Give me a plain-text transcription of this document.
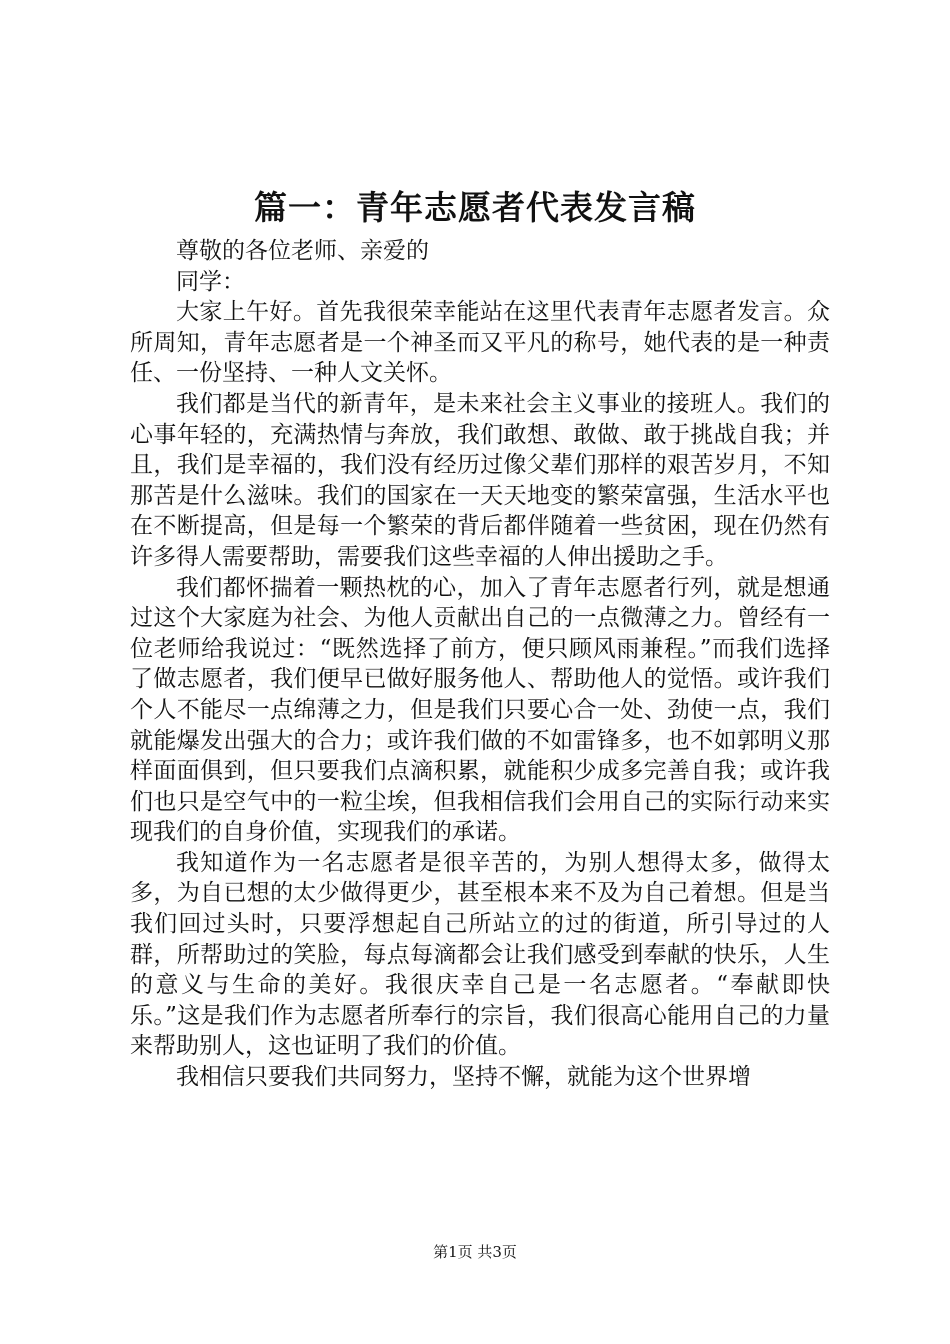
篇一：青年志愿者代表发言稿

尊敬的各位老师、亲爱的

同学：

大家上午好。首先我很荣幸能站在这里代表青年志愿者发言。众所周知，青年志愿者是一个神圣而又平凡的称号，她代表的是一种责任、一份坚持、一种人文关怀。

我们都是当代的新青年，是未来社会主义事业的接班人。我们的心事年轻的，充满热情与奔放，我们敢想、敢做、敢于挑战自我；并且，我们是幸福的，我们没有经历过像父辈们那样的艰苦岁月，不知那苦是什么滋味。我们的国家在一天天地变的繁荣富强，生活水平也在不断提高，但是每一个繁荣的背后都伴随着一些贫困，现在仍然有许多得人需要帮助，需要我们这些幸福的人伸出援助之手。

我们都怀揣着一颗热枕的心，加入了青年志愿者行列，就是想通过这个大家庭为社会、为他人贡献出自己的一点微薄之力。曾经有一位老师给我说过：“既然选择了前方，便只顾风雨兼程。”而我们选择了做志愿者，我们便早已做好服务他人、帮助他人的觉悟。或许我们个人不能尽一点绵薄之力，但是我们只要心合一处、劲使一点，我们就能爆发出强大的合力；或许我们做的不如雷锋多，也不如郭明义那样面面俱到，但只要我们点滴积累，就能积少成多完善自我；或许我们也只是空气中的一粒尘埃，但我相信我们会用自己的实际行动来实现我们的自身价值，实现我们的承诺。

我知道作为一名志愿者是很辛苦的，为别人想得太多，做得太多，为自已想的太少做得更少，甚至根本来不及为自己着想。但是当我们回过头时，只要浮想起自己所站立的过的街道，所引导过的人群，所帮助过的笑脸，每点每滴都会让我们感受到奉献的快乐，人生的意义与生命的美好。我很庆幸自己是一名志愿者。“奉献即快乐。”这是我们作为志愿者所奉行的宗旨，我们很高心能用自己的力量来帮助别人，这也证明了我们的价值。

我相信只要我们共同努力，坚持不懈，就能为这个世界增

第1页 共3页
